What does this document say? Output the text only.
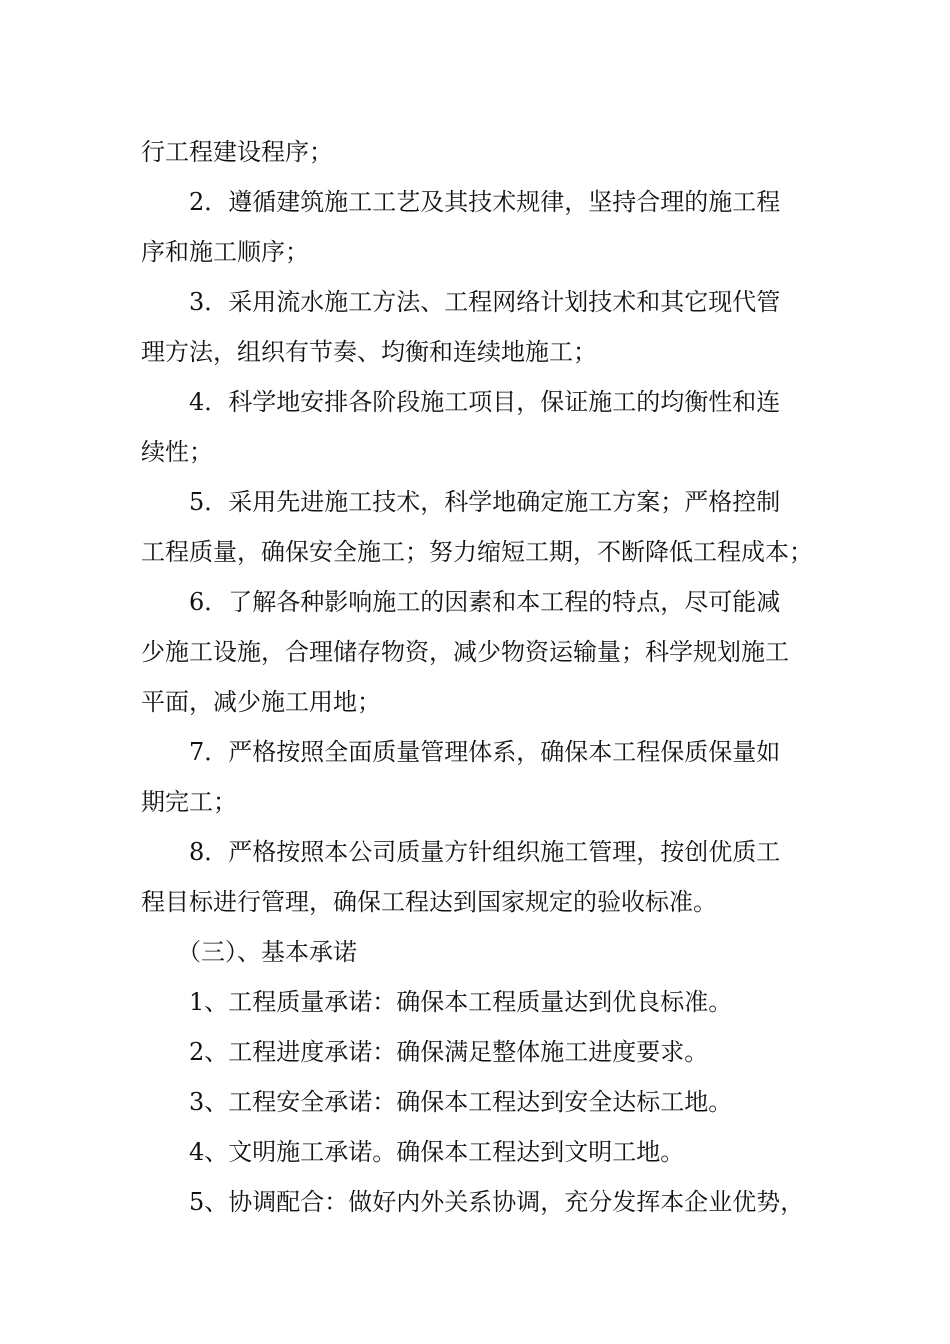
行工程建设程序；
2．遵循建筑施工工艺及其技术规律，坚持合理的施工程
序和施工顺序；
3．采用流水施工方法、工程网络计划技术和其它现代管
理方法，组织有节奏、均衡和连续地施工；
4．科学地安排各阶段施工项目，保证施工的均衡性和连
续性；
5．采用先进施工技术，科学地确定施工方案；严格控制
工程质量，确保安全施工；努力缩短工期，不断降低工程成本；
6．了解各种影响施工的因素和本工程的特点，尽可能减
少施工设施，合理储存物资，减少物资运输量；科学规划施工
平面，减少施工用地；
7．严格按照全面质量管理体系，确保本工程保质保量如
期完工；
8．严格按照本公司质量方针组织施工管理，按创优质工
程目标进行管理，确保工程达到国家规定的验收标准。
（三）、基本承诺
1、工程质量承诺：确保本工程质量达到优良标准。
2、工程进度承诺：确保满足整体施工进度要求。
3、工程安全承诺：确保本工程达到安全达标工地。
4、文明施工承诺。确保本工程达到文明工地。
5、协调配合：做好内外关系协调，充分发挥本企业优势，
